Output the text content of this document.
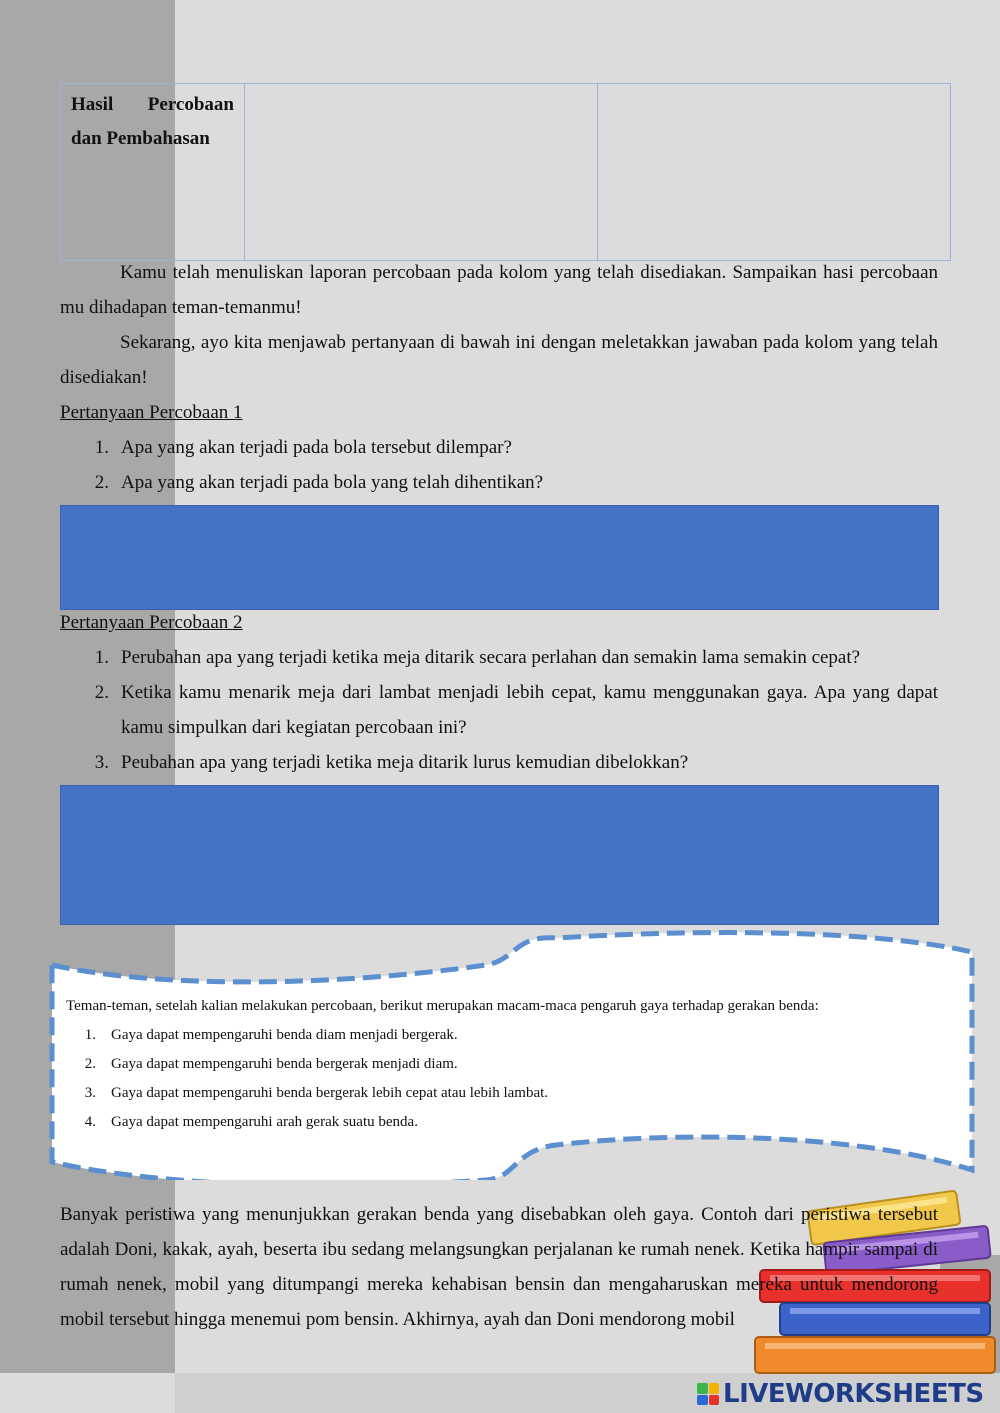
Hasil Percobaan
dan Pembahasan

Kamu telah menuliskan laporan percobaan pada kolom yang telah disediakan. Sampaikan hasi percobaan mu dihadapan teman-temanmu!

Sekarang, ayo kita menjawab pertanyaan di bawah ini dengan meletakkan jawaban pada kolom yang telah disediakan!

Pertanyaan Percobaan 1
1. Apa yang akan terjadi pada bola tersebut dilempar?
2. Apa yang akan terjadi pada bola yang telah dihentikan?
Pertanyaan Percobaan 2
1. Perubahan apa yang terjadi ketika meja ditarik secara perlahan dan semakin lama semakin cepat?
2. Ketika kamu menarik meja dari lambat menjadi lebih cepat, kamu menggunakan gaya. Apa yang dapat kamu simpulkan dari kegiatan percobaan ini?
3. Peubahan apa yang terjadi ketika meja ditarik lurus kemudian dibelokkan?

Teman-teman, setelah kalian melakukan percobaan, berikut merupakan macam-maca pengaruh gaya terhadap gerakan benda:

1.	Gaya dapat mempengaruhi benda diam menjadi bergerak.
2.	Gaya dapat mempengaruhi benda bergerak menjadi diam.
3.	Gaya dapat mempengaruhi benda bergerak lebih cepat atau lebih lambat.
4.	Gaya dapat mempengaruhi arah gerak suatu benda.

Banyak peristiwa yang menunjukkan gerakan benda yang disebabkan oleh gaya. Contoh dari peristiwa tersebut adalah Doni, kakak, ayah, beserta ibu sedang melangsungkan perjalanan ke rumah nenek. Ketika hampir sampai di rumah nenek, mobil yang ditumpangi mereka kehabisan bensin dan mengaharuskan mereka untuk mendorong mobil tersebut hingga menemui pom bensin. Akhirnya, ayah dan Doni mendorong mobil

LIVEWORKSHEETS
